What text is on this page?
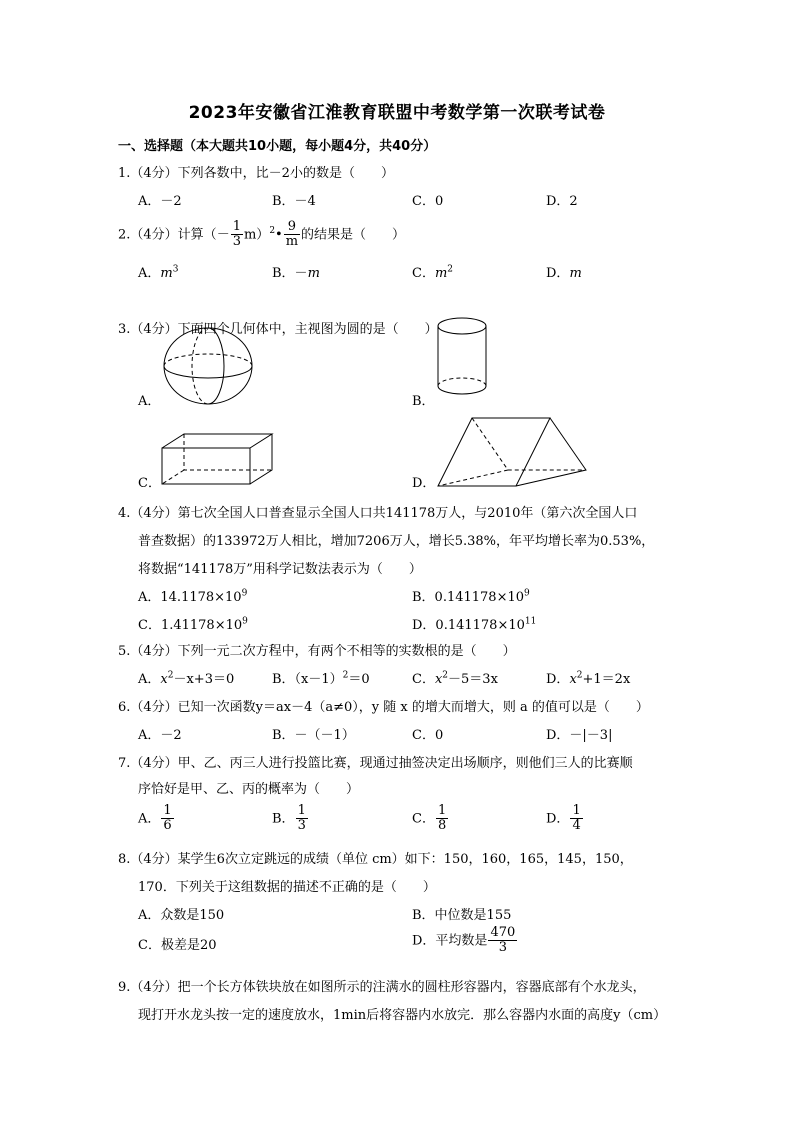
2023年安徽省江淮教育联盟中考数学第一次联考试卷
一、选择题（本大题共10小题，每小题4分，共40分）
1.（4分）下列各数中，比－2小的数是（　　）
A．－2	B．－4	C．0	D．2
2.（4分）计算（－ $\frac{1}{3}$ m）$^2$• $\frac{9}{m}$ 的结果是（　　）
A．$m^3$	B．－m	C．$m^2$	D．m
3.（4分）下面四个几何体中，主视图为圆的是（　　）
A．	B．
C．	D．
4.（4分）第七次全国人口普查显示全国人口共141178万人，与2010年（第六次全国人口
普查数据）的133972万人相比，增加7206万人，增长5.38%，年平均增长率为0.53%，
将数据“141178万”用科学记数法表示为（　　）
A．$14.1178\times 10^9$	B．$0.141178\times 10^9$
C．$1.41178\times 10^9$	D．$0.141178\times 10^{11}$
5.（4分）下列一元二次方程中，有两个不相等的实数根的是（　　）
A．$x^2-x+3=0$	B．$(x-1)^2=0$	C．$x^2-5=3x$	D．$x^2+1=2x$
6.（4分）已知一次函数y＝ax－4（a≠0），y 随 x 的增大而增大，则 a 的值可以是（　　）
A．－2	B．－（－1）	C．0	D．－|－3|
7.（4分）甲、乙、丙三人进行投篮比赛，现通过抽签决定出场顺序，则他们三人的比赛顺
序恰好是甲、乙、丙的概率为（　　）
A． $\frac{1}{6}$	B． $\frac{1}{3}$	C． $\frac{1}{8}$	D． $\frac{1}{4}$
8.（4分）某学生6次立定跳远的成绩（单位 cm）如下：150，160，165，145，150，
170．下列关于这组数据的描述不正确的是（　　）
A．众数是150	B．中位数是155
C．极差是20	D．平均数是 $\frac{470}{3}$
9.（4分）把一个长方体铁块放在如图所示的注满水的圆柱形容器内，容器底部有个水龙头，
现打开水龙头按一定的速度放水，1min后将容器内水放完．那么容器内水面的高度y（cm）
